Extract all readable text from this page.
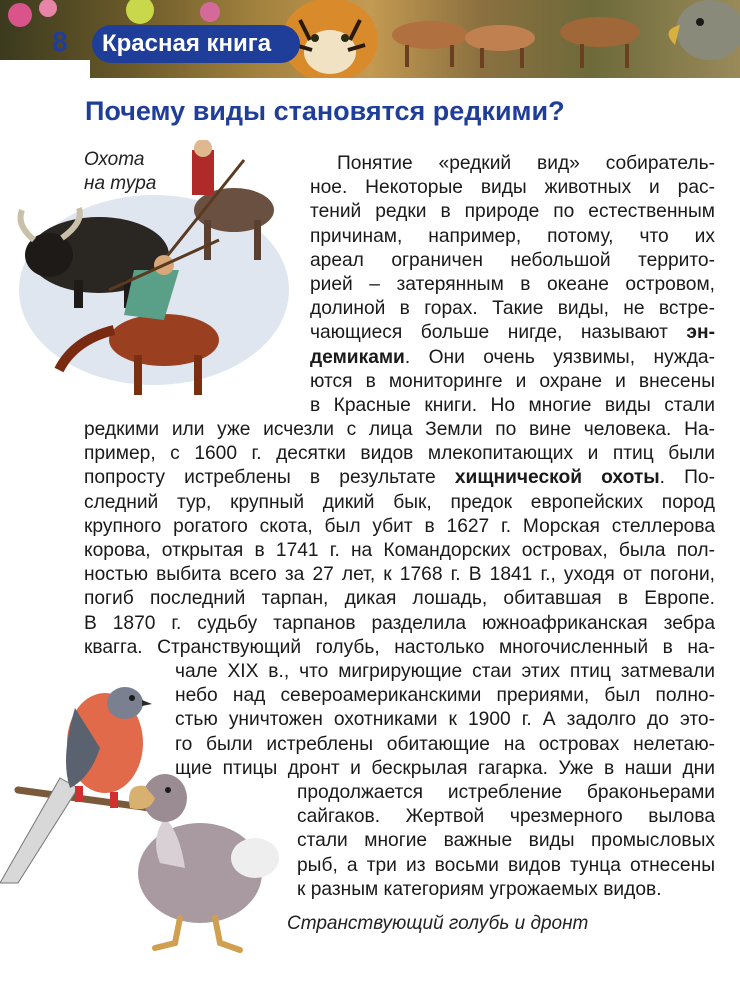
8 Красная книга
Почему виды становятся редкими?
Охота
на тура

Понятие «редкий вид» собиратель-

ное. Некоторые виды животных и рас-

тений редки в природе по естественным

причинам, например, потому, что их

ареал ограничен небольшой террито-

рией – затерянным в океане островом,

долиной в горах. Такие виды, не встре-

чающиеся больше нигде, называют эн-

демиками. Они очень уязвимы, нужда-

ются в мониторинге и охране и внесены

в Красные книги. Но многие виды стали

редкими или уже исчезли с лица Земли по вине человека. На-

пример, с 1600 г. десятки видов млекопитающих и птиц были

попросту истреблены в результате хищнической охоты. По-

следний тур, крупный дикий бык, предок европейских пород

крупного рогатого скота, был убит в 1627 г. Морская стеллерова

корова, открытая в 1741 г. на Командорских островах, была пол-

ностью выбита всего за 27 лет, к 1768 г. В 1841 г., уходя от погони,

погиб последний тарпан, дикая лошадь, обитавшая в Европе.

В 1870 г. судьбу тарпанов разделила южноафриканская зебра

квагга. Странствующий голубь, настолько многочисленный в на-

чале XIX в., что мигрирующие стаи этих птиц затмевали

небо над североамериканскими прериями, был полно-

стью уничтожен охотниками к 1900 г. А задолго до это-

го были истреблены обитающие на островах нелетаю-

щие птицы дронт и бескрылая гагарка. Уже в наши дни

продолжается истребление браконьерами

сайгаков. Жертвой чрезмерного вылова

стали многие важные виды промысловых

рыб, а три из восьми видов тунца отнесены

к разным категориям угрожаемых видов.

Странствующий голубь и дронт
